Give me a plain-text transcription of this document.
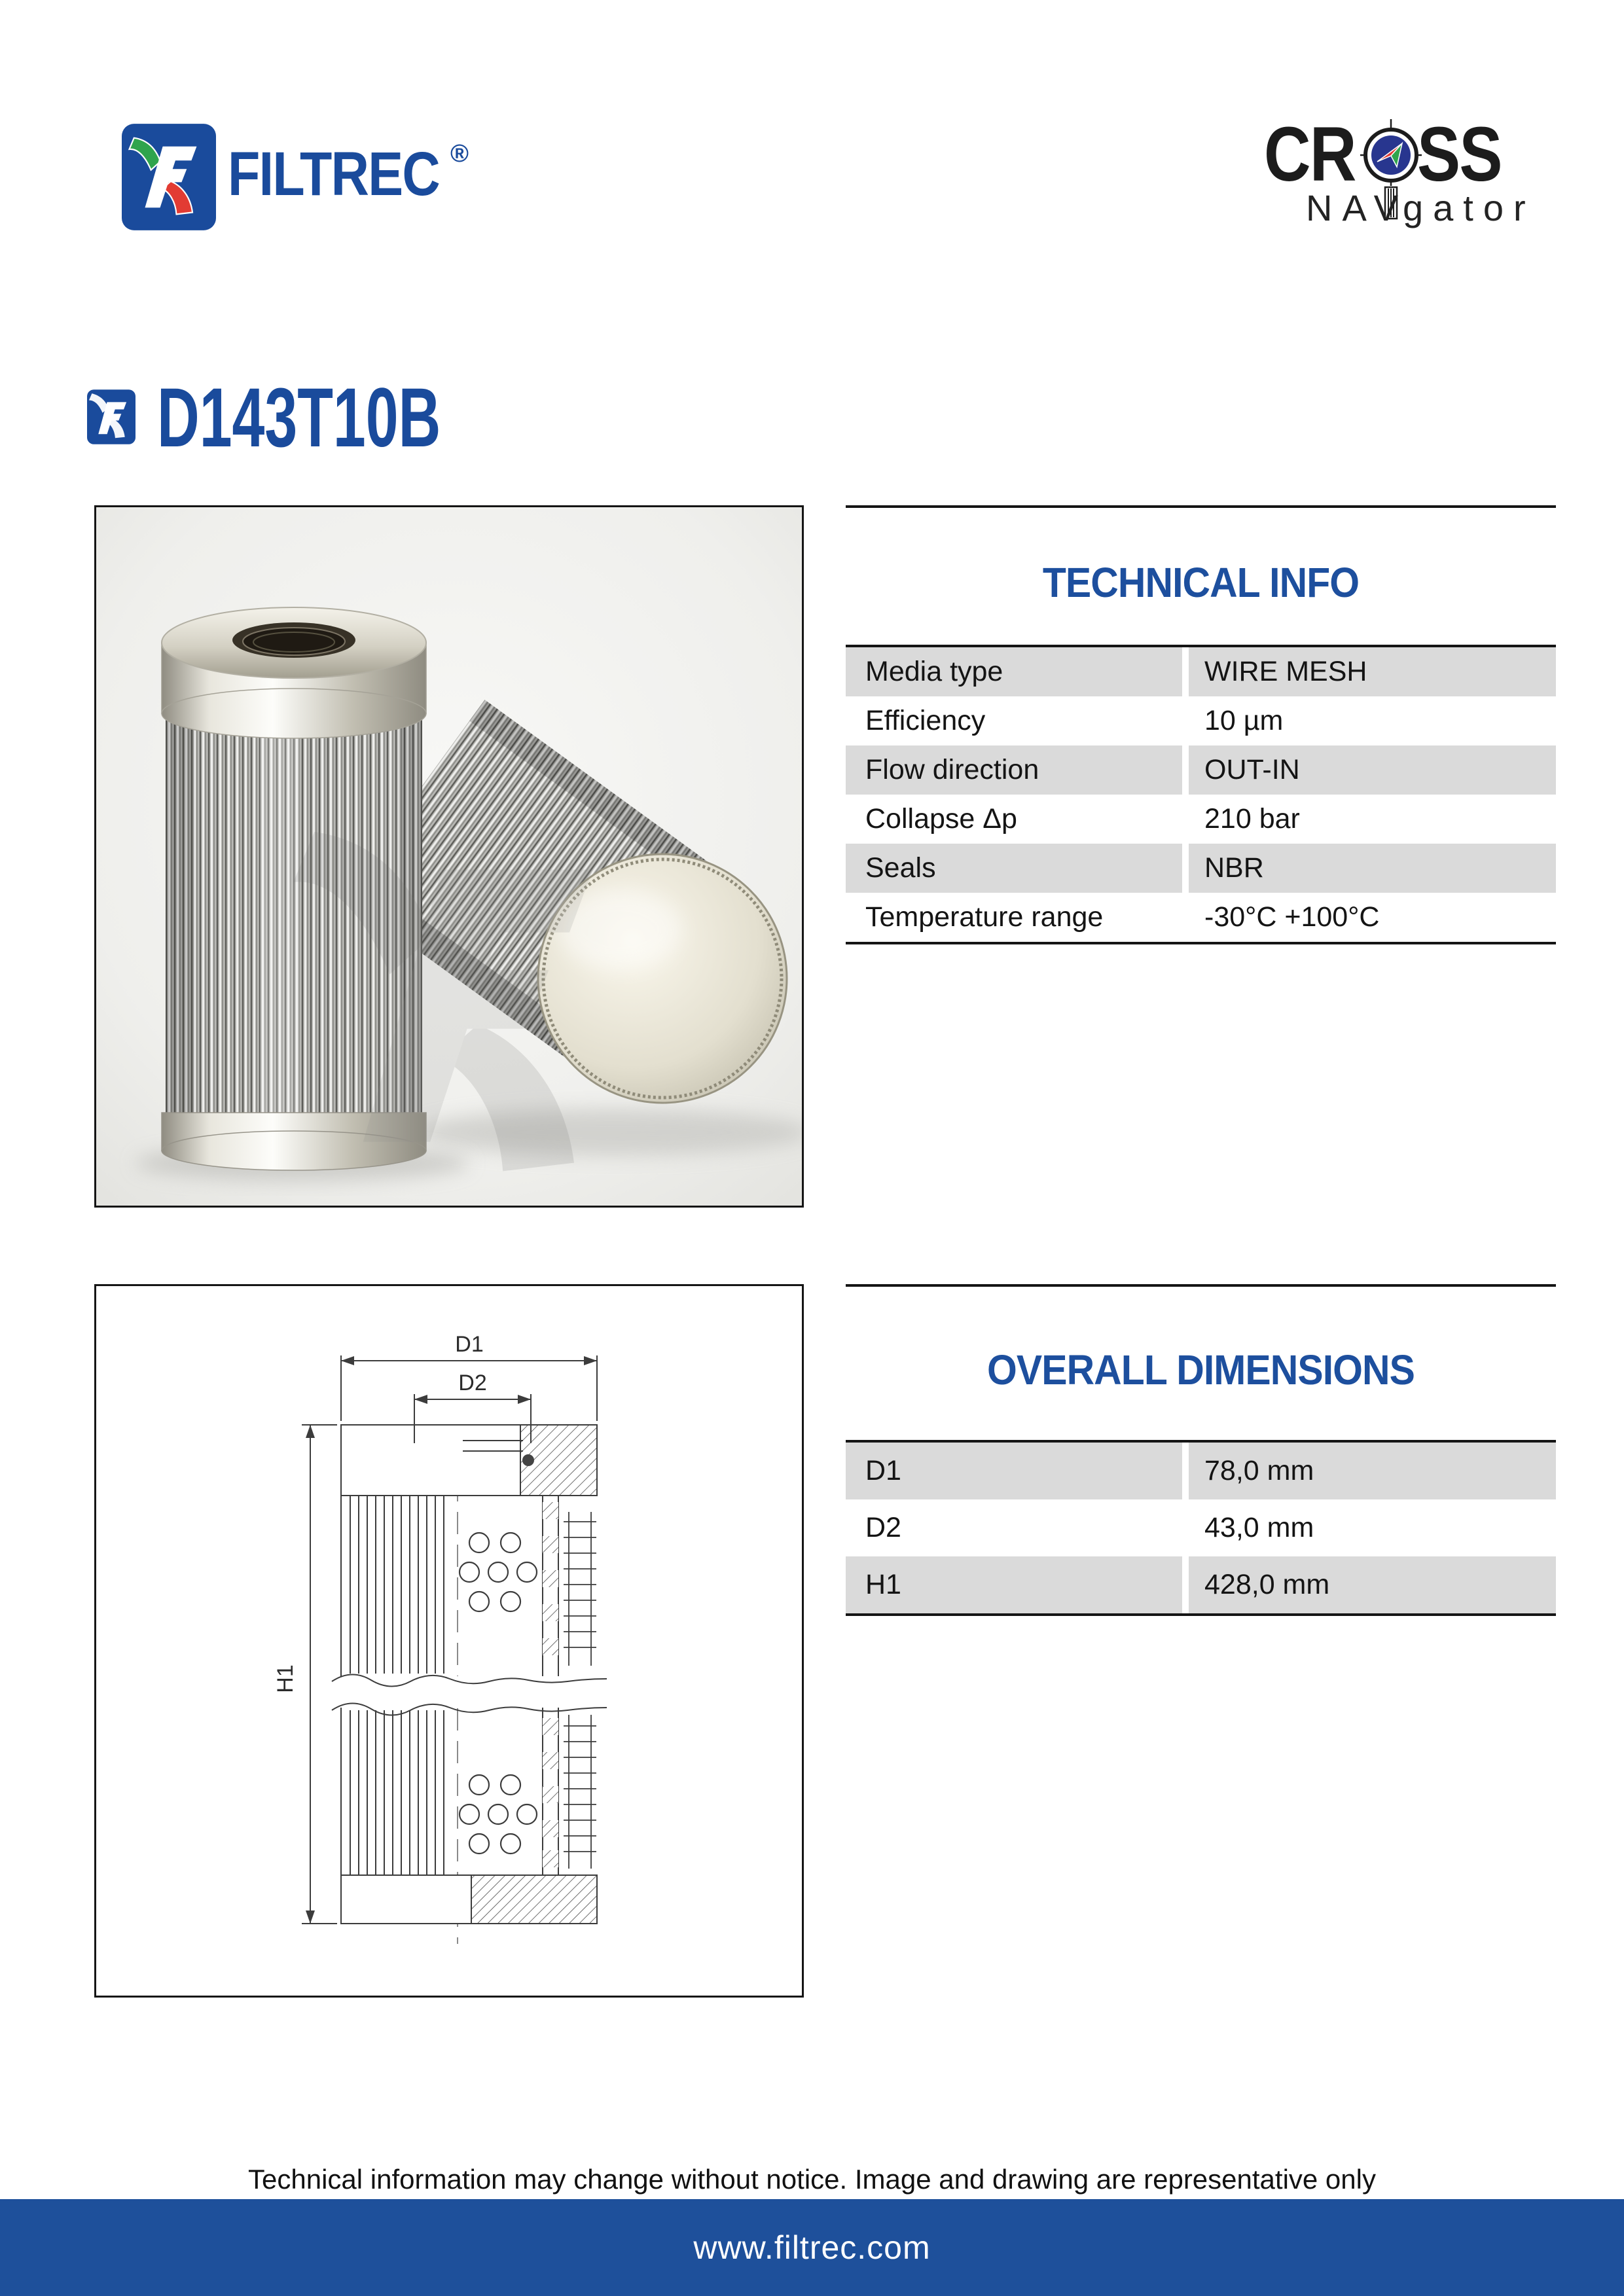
FILTREC ®	CR SS
NAV
gator
D143T10B
TECHNICAL INFO
Media type	WIRE MESH
Efficiency	10 µm
Flow direction	OUT-IN
Collapse Δp	210 bar
Seals	NBR
Temperature range	-30°C +100°C
D1
D2
H1
OVERALL DIMENSIONS
D1	78,0 mm
D2	43,0 mm
H1	428,0 mm
Technical information may change without notice. Image and drawing are representative only
www.filtrec.com
